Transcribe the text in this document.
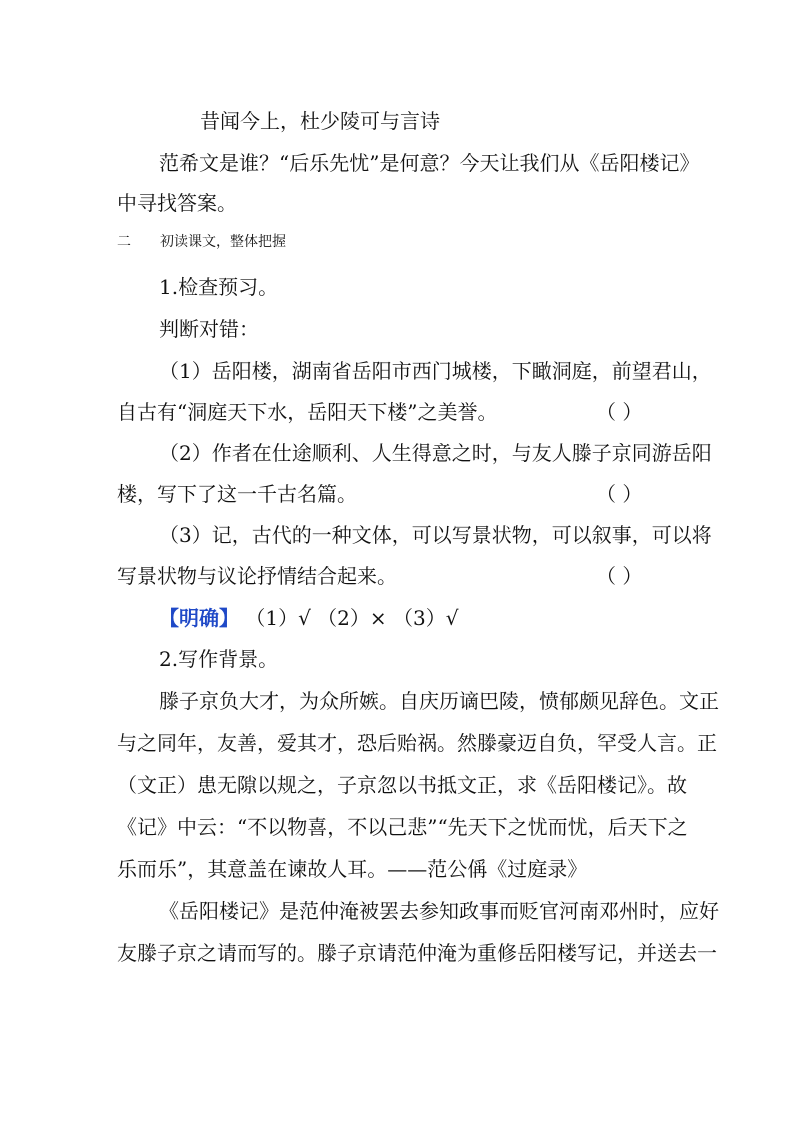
昔闻今上，杜少陵可与言诗
范希文是谁？“后乐先忧”是何意？今天让我们从《岳阳楼记》
中寻找答案。
二 初读课文，整体把握
1.检查预习。
判断对错：
（1）岳阳楼，湖南省岳阳市西门城楼，下瞰洞庭，前望君山，
自古有“洞庭天下水，岳阳天下楼”之美誉。	（ ）
（2）作者在仕途顺利、人生得意之时，与友人滕子京同游岳阳
楼，写下了这一千古名篇。	（ ）
（3）记，古代的一种文体，可以写景状物，可以叙事，可以将
写景状物与议论抒情结合起来。	（ ）
【明确】 （1）√ （2）× （3）√
2.写作背景。
滕子京负大才，为众所嫉。自庆历谪巴陵，愤郁颇见辞色。文正
与之同年，友善，爱其才，恐后贻祸。然滕豪迈自负，罕受人言。正
（文正）患无隙以规之，子京忽以书抵文正，求《岳阳楼记》。故
《记》中云：“不以物喜，不以己悲”“先天下之忧而忧，后天下之
乐而乐”，其意盖在谏故人耳。——范公偁《过庭录》
《岳阳楼记》是范仲淹被罢去参知政事而贬官河南邓州时，应好
友滕子京之请而写的。滕子京请范仲淹为重修岳阳楼写记，并送去一
